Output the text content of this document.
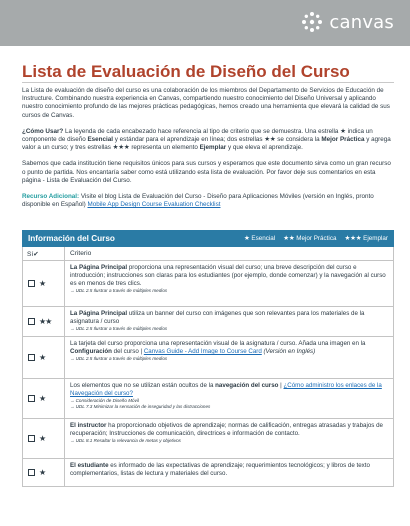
canvas
Lista de Evaluación de Diseño del Curso

La Lista de evaluación de diseño del curso es una colaboración de los miembros del Departamento de Servicios de Educación de Instructure. Combinando nuestra experiencia en Canvas, compartiendo nuestro conocimiento del Diseño Universal y aplicando nuestro conocimiento profundo de las mejores prácticas pedagógicas, hemos creado una herramienta que elevará la calidad de sus cursos de Canvas.

¿Cómo Usar? La leyenda de cada encabezado hace referencia al tipo de criterio que se demuestra. Una estrella ★ indica un componente de diseño Esencial y estándar para el aprendizaje en línea; dos estrellas ★★ se considera la Mejor Práctica y agrega valor a un curso; y tres estrellas ★★★ representa un elemento Ejemplar y que eleva el aprendizaje.

Sabemos que cada institución tiene requisitos únicos para sus cursos y esperamos que este documento sirva como un gran recurso o punto de partida. Nos encantaría saber como está utilizando esta lista de evaluación. Por favor deje sus comentarios en esta página - Lista de Evaluación del Curso.

Recurso Adicional: Visite el blog Lista de Evaluación del Curso - Diseño para Aplicaciones Móviles (versión en Inglés, pronto disponible en Español) Mobile App Design Course Evaluation Checklist

Información del Curso	★ Esencial ★★ Mejor Práctica ★★★ Ejemplar
Sí✔	Criterio
★
La Página Principal proporciona una representación visual del curso; una breve descripción del curso e introducción; instrucciones son claras para los estudiantes (por ejemplo, donde comenzar) y la navegación al curso es en menos de tres clics.
→UDL 2.5 Ilustrar a través de múltiples medios
★★
La Página Principal utiliza un banner del curso con imágenes que son relevantes para los materiales de la asignatura / curso
→UDL 2.5 Ilustrar a través de múltiples medios
★
La tarjeta del curso proporciona una representación visual de la asignatura / curso. Añada una imagen en la Configuración del curso | Canvas Guide - Add Image to Course Card (Versión en Inglés)
→UDL 2.5 Ilustrar a través de múltiples medios
★
Los elementos que no se utilizan están ocultos de la navegación del curso | ¿Cómo administro los enlaces de la Navegación del curso?
→Consideración de Diseño Móvil
→UDL 7.3 Minimizar la sensación de inseguridad y las distracciones
★
El instructor ha proporcionado objetivos de aprendizaje; normas de calificación, entregas atrasadas y trabajos de recuperación; Instrucciones de comunicación, directrices e información de contacto.
→UDL 8.1 Resaltar la relevancia de metas y objetivos
★
El estudiante es informado de las expectativas de aprendizaje; requerimientos tecnológicos; y libros de texto complementarios, listas de lectura y materiales del curso.
